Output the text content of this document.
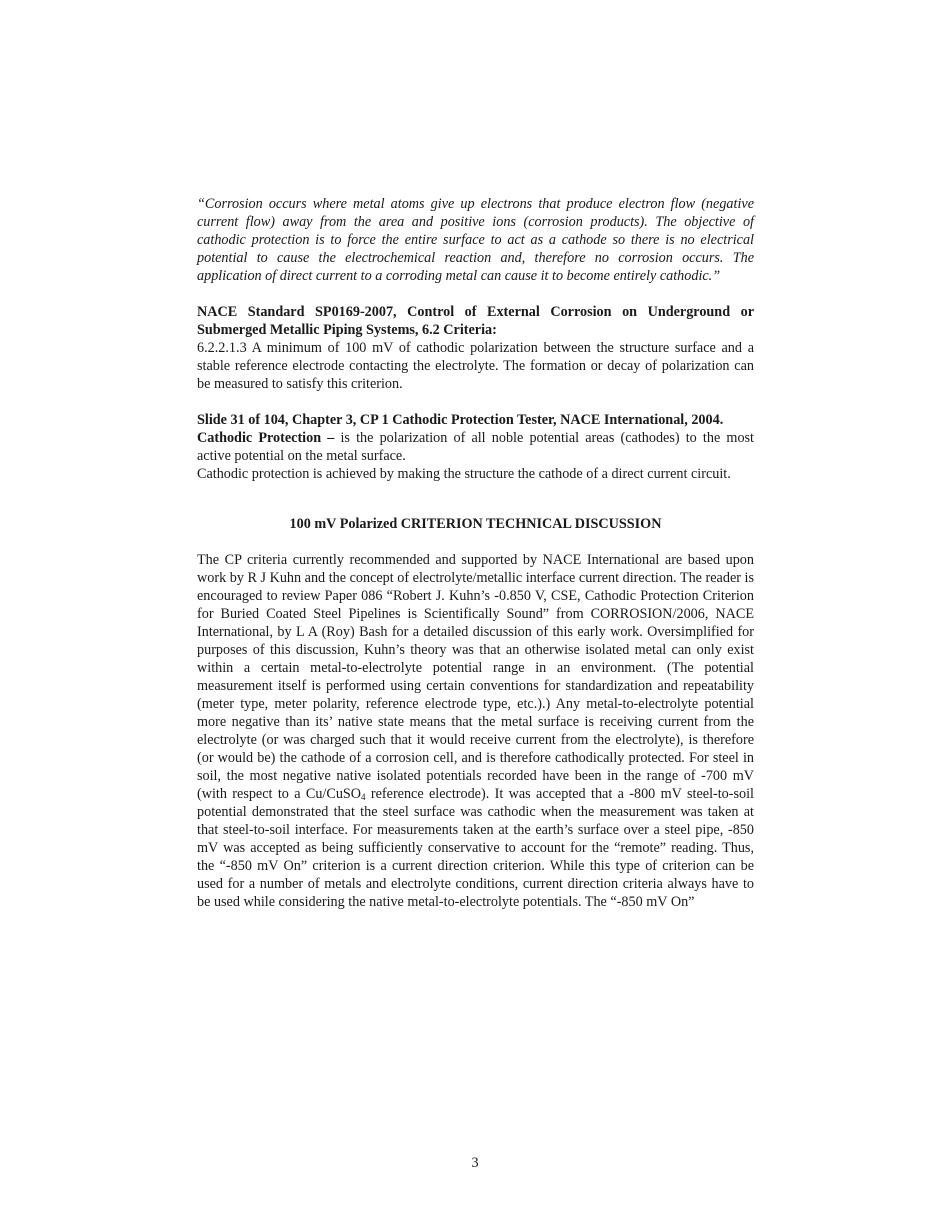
“Corrosion occurs where metal atoms give up electrons that produce electron flow (negative current flow) away from the area and positive ions (corrosion products). The objective of cathodic protection is to force the entire surface to act as a cathode so there is no electrical potential to cause the electrochemical reaction and, therefore no corrosion occurs. The application of direct current to a corroding metal can cause it to become entirely cathodic.”

NACE Standard SP0169-2007, Control of External Corrosion on Underground or Submerged Metallic Piping Systems, 6.2 Criteria:

6.2.2.1.3 A minimum of 100 mV of cathodic polarization between the structure surface and a stable reference electrode contacting the electrolyte. The formation or decay of polarization can be measured to satisfy this criterion.

Slide 31 of 104, Chapter 3, CP 1 Cathodic Protection Tester, NACE International, 2004.

Cathodic Protection – is the polarization of all noble potential areas (cathodes) to the most active potential on the metal surface.

Cathodic protection is achieved by making the structure the cathode of a direct current circuit.

100 mV Polarized CRITERION TECHNICAL DISCUSSION

The CP criteria currently recommended and supported by NACE International are based upon work by R J Kuhn and the concept of electrolyte/metallic interface current direction. The reader is encouraged to review Paper 086 “Robert J. Kuhn’s -0.850 V, CSE, Cathodic Protection Criterion for Buried Coated Steel Pipelines is Scientifically Sound” from CORROSION/2006, NACE International, by L A (Roy) Bash for a detailed discussion of this early work. Oversimplified for purposes of this discussion, Kuhn’s theory was that an otherwise isolated metal can only exist within a certain metal-to-electrolyte potential range in an environment. (The potential measurement itself is performed using certain conventions for standardization and repeatability (meter type, meter polarity, reference electrode type, etc.).) Any metal-to-electrolyte potential more negative than its’ native state means that the metal surface is receiving current from the electrolyte (or was charged such that it would receive current from the electrolyte), is therefore (or would be) the cathode of a corrosion cell, and is therefore cathodically protected. For steel in soil, the most negative native isolated potentials recorded have been in the range of -700 mV (with respect to a Cu/CuSO$_4$ reference electrode). It was accepted that a -800 mV steel-to-soil potential demonstrated that the steel surface was cathodic when the measurement was taken at that steel-to-soil interface. For measurements taken at the earth’s surface over a steel pipe, -850 mV was accepted as being sufficiently conservative to account for the “remote” reading. Thus, the “-850 mV On” criterion is a current direction criterion. While this type of criterion can be used for a number of metals and electrolyte conditions, current direction criteria always have to be used while considering the native metal-to-electrolyte potentials. The “-850 mV On”

3
